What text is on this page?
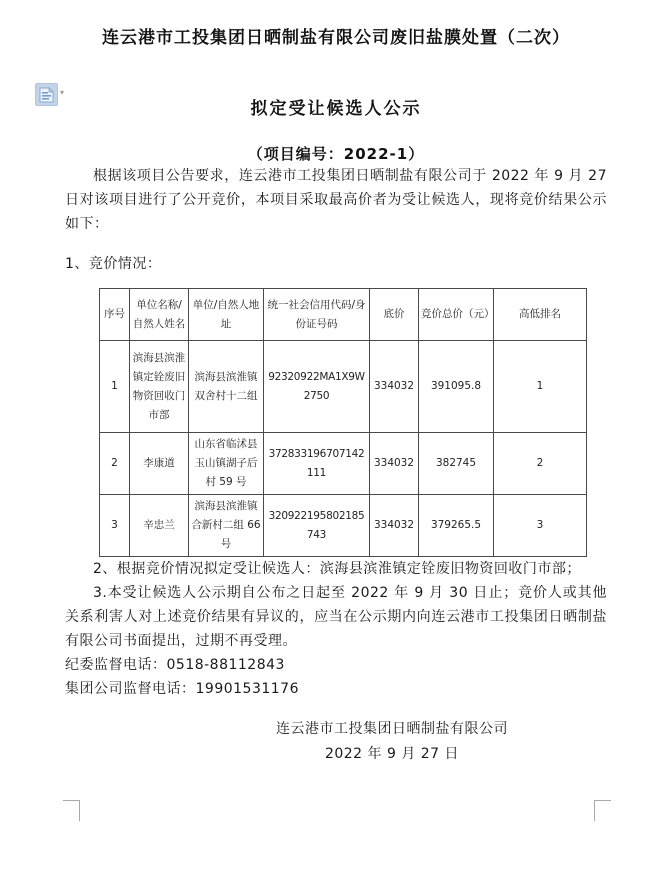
▾
连云港市工投集团日晒制盐有限公司废旧盐膜处置（二次）
拟定受让候选人公示
（项目编号：2022-1）

根据该项目公告要求，连云港市工投集团日晒制盐有限公司于 2022 年 9 月 27 日对该项目进行了公开竞价，本项目采取最高价者为受让候选人，现将竞价结果公示如下：

1、竞价情况：

序号	单位名称/自然人姓名	单位/自然人地址	统一社会信用代码/身份证号码	底价	竞价总价（元）	高低排名
1	滨海县滨淮镇定铨废旧物资回收门市部	滨海县滨淮镇双舍村十二组	92320922MA1X9W2750	334032	391095.8	1
2	李康道	山东省临沭县玉山镇湖子后村 59 号	372833196707142111	334032	382745	2
3	辛忠兰	滨海县滨淮镇合新村二组 66 号	320922195802185743	334032	379265.5	3

2、根据竞价情况拟定受让候选人：滨海县滨淮镇定铨废旧物资回收门市部；

3.本受让候选人公示期自公布之日起至 2022 年 9 月 30 日止；竞价人或其他关系利害人对上述竞价结果有异议的，应当在公示期内向连云港市工投集团日晒制盐有限公司书面提出，过期不再受理。

纪委监督电话：0518-88112843

集团公司监督电话：19901531176

连云港市工投集团日晒制盐有限公司

2022 年 9 月 27 日
